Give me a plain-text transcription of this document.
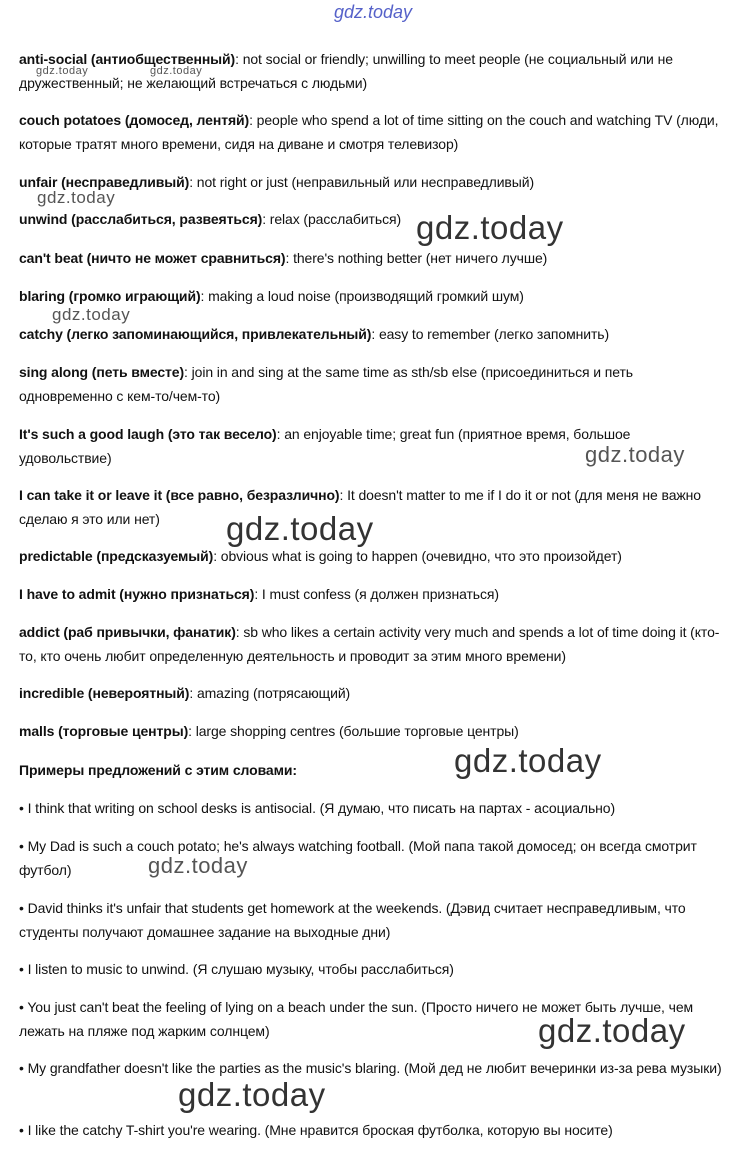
anti-social (антиобщественный): not social or friendly; unwilling to meet people (не социальный или не дружественный; не желающий встречаться с людьми)

couch potatoes (домосед, лентяй): people who spend a lot of time sitting on the couch and watching TV (люди, которые тратят много времени, сидя на диване и смотря телевизор)

unfair (несправедливый): not right or just (неправильный или несправедливый)

unwind (расслабиться, развеяться): relax (расслабиться)

can't beat (ничто не может сравниться): there's nothing better (нет ничего лучше)

blaring (громко играющий): making a loud noise (производящий громкий шум)

catchy (легко запоминающийся, привлекательный): easy to remember (легко запомнить)

sing along (петь вместе): join in and sing at the same time as sth/sb else (присоединиться и петь одновременно с кем-то/чем-то)

It's such a good laugh (это так весело): an enjoyable time; great fun (приятное время, большое удовольствие)

I can take it or leave it (все равно, безразлично): It doesn't matter to me if I do it or not (для меня не важно сделаю я это или нет)

predictable (предсказуемый): obvious what is going to happen (очевидно, что это произойдет)

I have to admit (нужно признаться): I must confess (я должен признаться)

addict (раб привычки, фанатик): sb who likes a certain activity very much and spends a lot of time doing it (кто-то, кто очень любит определенную деятельность и проводит за этим много времени)

incredible (невероятный): amazing (потрясающий)

malls (торговые центры): large shopping centres (большие торговые центры)

Примеры предложений с этим словами:

• I think that writing on school desks is antisocial. (Я думаю, что писать на партах - асоциально)

• My Dad is such a couch potato; he's always watching football. (Мой папа такой домосед; он всегда смотрит футбол)

• David thinks it's unfair that students get homework at the weekends. (Дэвид считает несправедливым, что студенты получают домашнее задание на выходные дни)

• I listen to music to unwind. (Я слушаю музыку, чтобы расслабиться)

• You just can't beat the feeling of lying on a beach under the sun. (Просто ничего не может быть лучше, чем лежать на пляже под жарким солнцем)

• My grandfather doesn't like the parties as the music's blaring. (Мой дед не любит вечеринки из-за рева музыки)

• I like the catchy T-shirt you're wearing. (Мне нравится броская футболка, которую вы носите)

gdz.today
gdz.today	gdz.today
gdz.today
gdz.today
gdz.today
gdz.today
gdz.today
gdz.today
gdz.today
gdz.today
gdz.today
